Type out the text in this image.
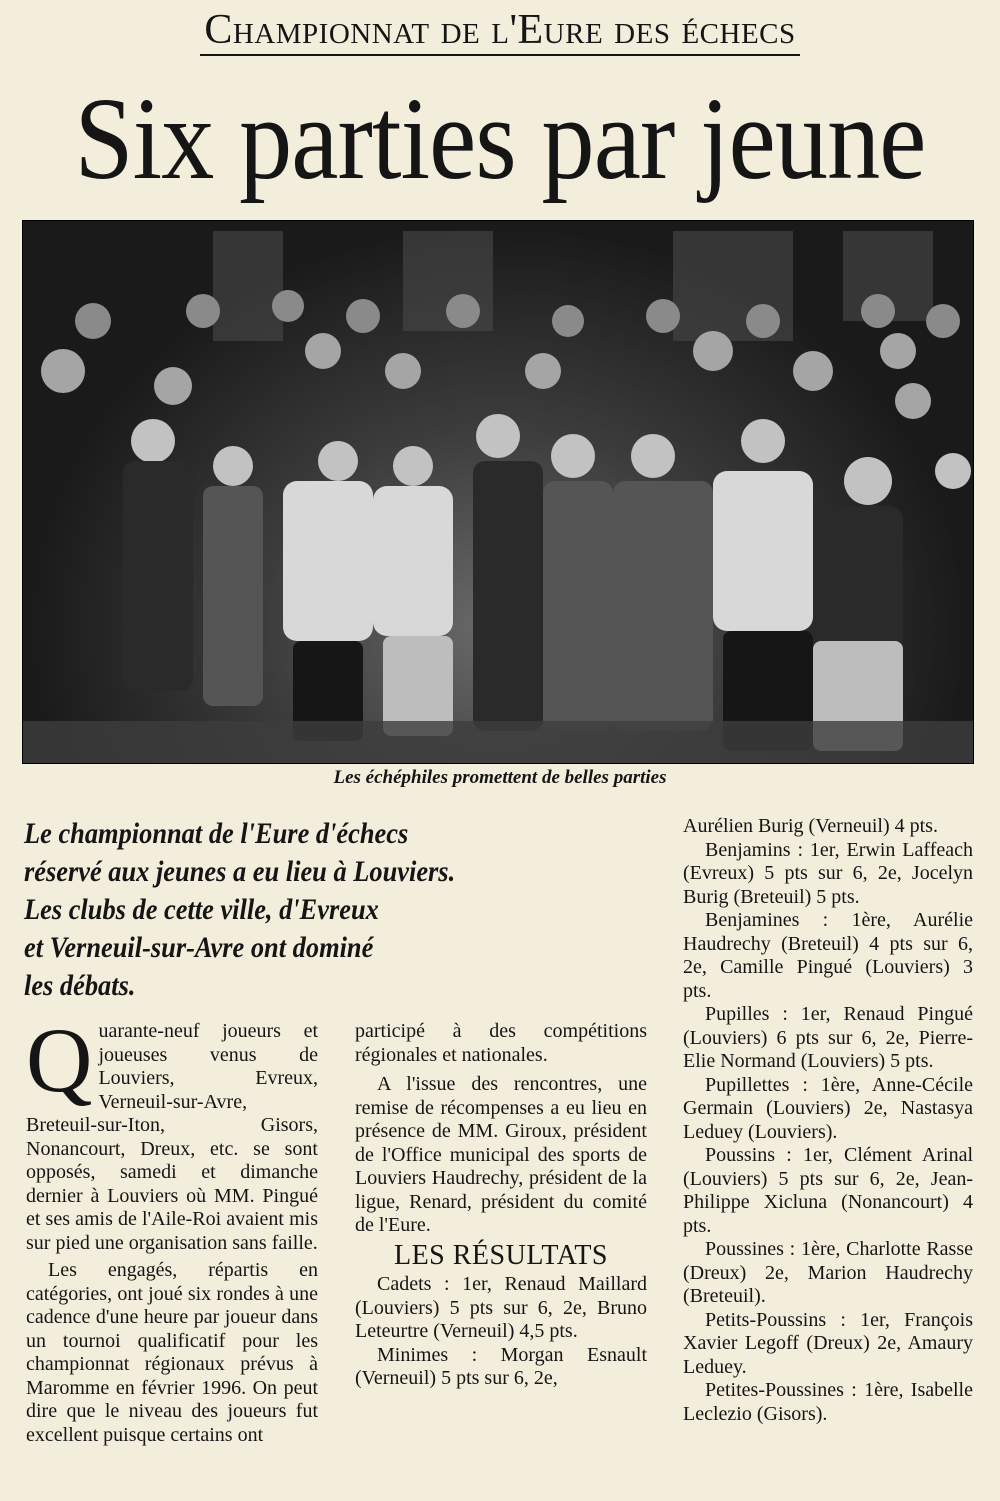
Championnat de l'Eure des échecs
Six parties par jeune
Les échéphiles promettent de belles parties
Le championnat de l'Eure d'échecs
réservé aux jeunes a eu lieu à Louviers.
Les clubs de cette ville, d'Evreux
et Verneuil-sur-Avre ont dominé
les débats.

Quarante-neuf joueurs et joueuses venus de Louviers, Evreux, Verneuil-sur-Avre, Breteuil-sur-Iton, Gisors, Nonancourt, Dreux, etc. se sont opposés, samedi et dimanche dernier à Louviers où MM. Pingué et ses amis de l'Aile-Roi avaient mis sur pied une organisation sans faille.

Les engagés, répartis en catégories, ont joué six rondes à une cadence d'une heure par joueur dans un tournoi qualificatif pour les championnat régionaux prévus à Maromme en février 1996. On peut dire que le niveau des joueurs fut excellent puisque certains ont

participé à des compétitions régionales et nationales.

A l'issue des rencontres, une remise de récompenses a eu lieu en présence de MM. Giroux, président de l'Office municipal des sports de Louviers Haudrechy, président de la ligue, Renard, président du comité de l'Eure.

LES RÉSULTATS

Cadets : 1er, Renaud Maillard (Louviers) 5 pts sur 6, 2e, Bruno Leteurtre (Verneuil) 4,5 pts.

Minimes : Morgan Esnault (Verneuil) 5 pts sur 6, 2e,

Aurélien Burig (Verneuil) 4 pts.

Benjamins : 1er, Erwin Laffeach (Evreux) 5 pts sur 6, 2e, Jocelyn Burig (Breteuil) 5 pts.

Benjamines : 1ère, Aurélie Haudrechy (Breteuil) 4 pts sur 6, 2e, Camille Pingué (Louviers) 3 pts.

Pupilles : 1er, Renaud Pingué (Louviers) 6 pts sur 6, 2e, Pierre-Elie Normand (Louviers) 5 pts.

Pupillettes : 1ère, Anne-Cécile Germain (Louviers) 2e, Nastasya Leduey (Louviers).

Poussins : 1er, Clément Arinal (Louviers) 5 pts sur 6, 2e, Jean-Philippe Xicluna (Nonancourt) 4 pts.

Poussines : 1ère, Charlotte Rasse (Dreux) 2e, Marion Haudrechy (Breteuil).

Petits-Poussins : 1er, François Xavier Legoff (Dreux) 2e, Amaury Leduey.

Petites-Poussines : 1ère, Isabelle Leclezio (Gisors).
